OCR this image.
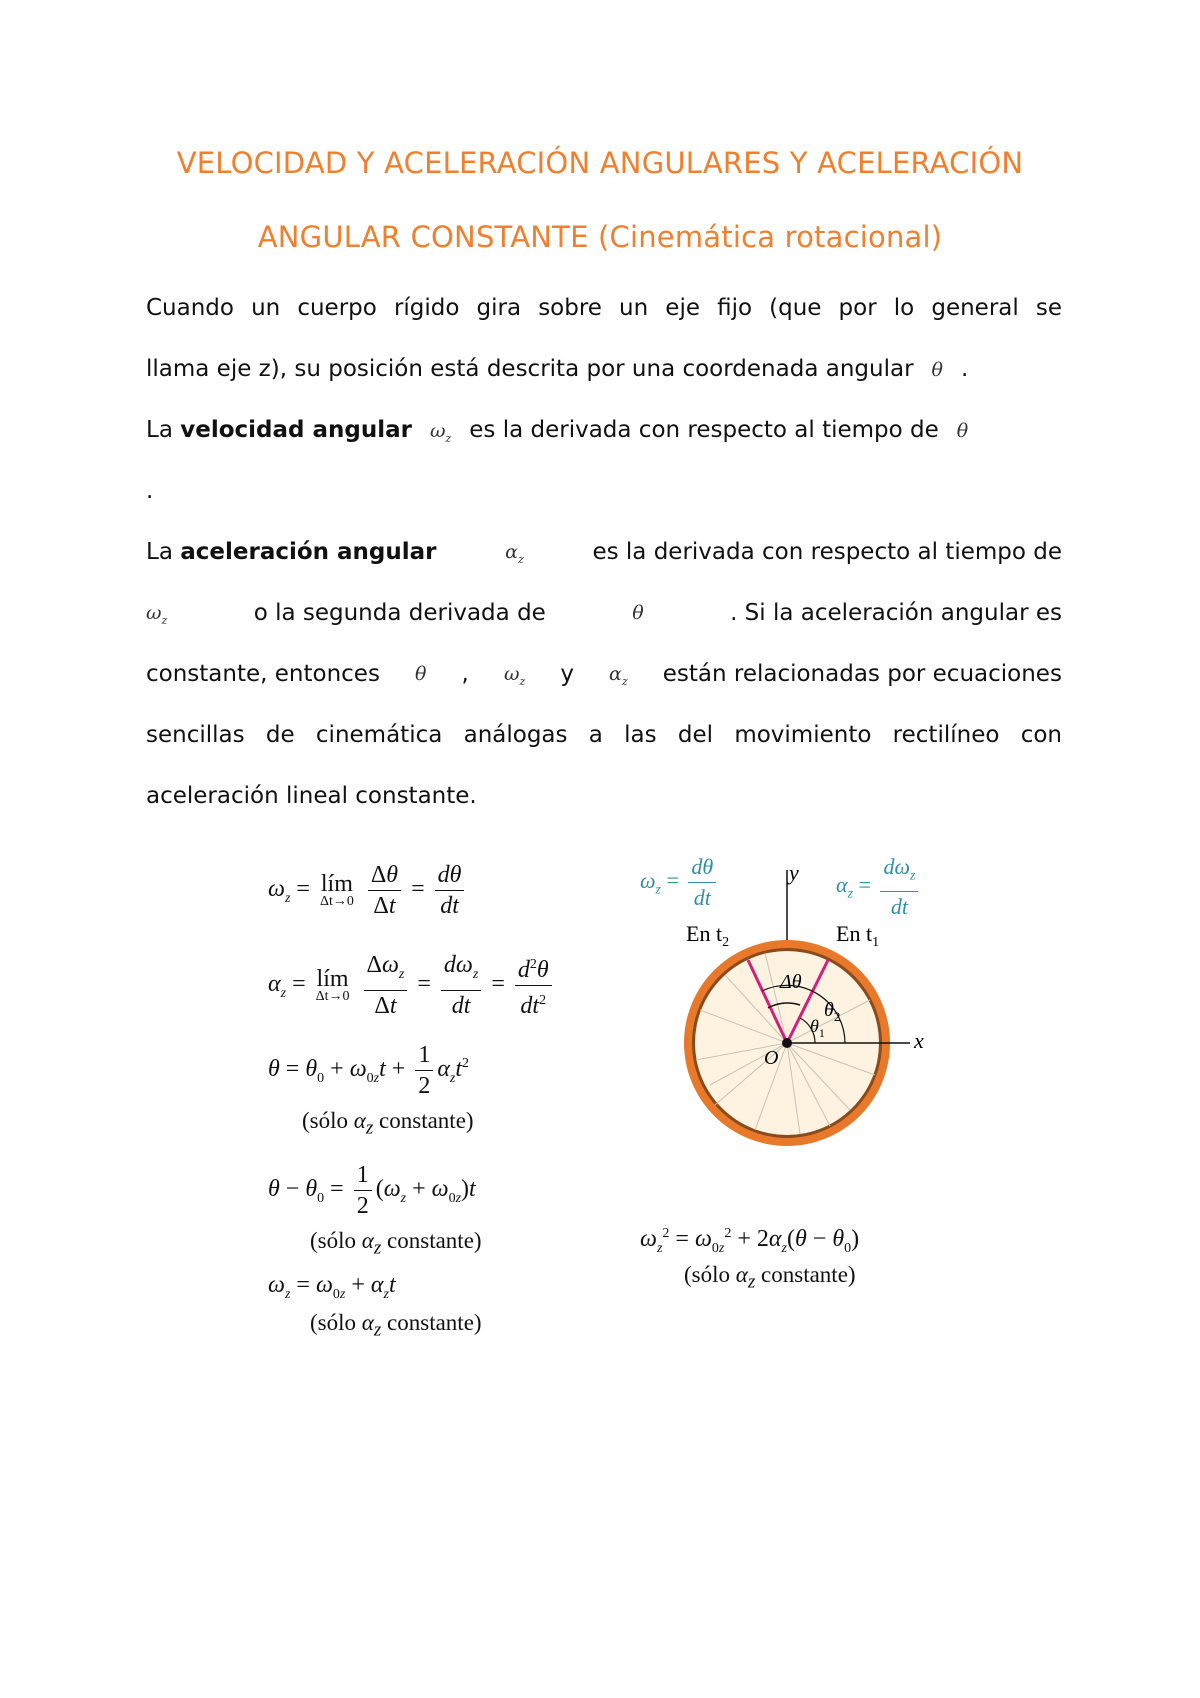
VELOCIDAD Y ACELERACIÓN ANGULARES Y ACELERACIÓN
ANGULAR CONSTANTE (Cinemática rotacional)
Cuando un cuerpo rígido gira sobre un eje fijo (que por lo general se
llama eje z), su posición está descrita por una coordenada angular θ .
La velocidad angular $\omega_z$ es la derivada con respecto al tiempo de θ
.
La aceleración angular	$\alpha_z$	es la derivada con respecto al tiempo de
$\omega_z$	o la segunda derivada de	θ	. Si la aceleración angular es
constante, entonces θ , $\omega_z$ y $\alpha_z$ están relacionadas por ecuaciones
sencillas de cinemática análogas a las del movimiento rectilíneo con
aceleración lineal constante.
$\omega_z$ = lím
Δt→0
$\frac{\Delta\theta}{\Delta t} = \frac{d\theta}{dt}$
$\alpha_z$ = lím
Δt→0
$\frac{\Delta\omega_z}{\Delta t} = \frac{d\omega_z}{dt} = \frac{d^2\theta}{dt^2}$
$\theta = \theta_0 + \omega_{0z}t + \frac{1}{2} \alpha_zt^2$
(sólo $\alpha_z$ constante)
$\theta - \theta_0 = \frac{1}{2} (\omega_z + \omega_{0z})t$
(sólo $\alpha_z$ constante)
$\omega_z = \omega_{0z} + \alpha_zt$
(sólo $\alpha_z$ constante)
$\omega_z = \frac{d\theta}{dt}$	$\alpha_z = \frac{d\omega_z}{dt}$
y
x
O
Δθ
$\theta_2$
$\theta_1$
En $t_2$	En $t_1$
$\omega_z^2 = \omega_{0z}^2 + 2\alpha_z(\theta - \theta_0)$
(sólo $\alpha_z$ constante)
